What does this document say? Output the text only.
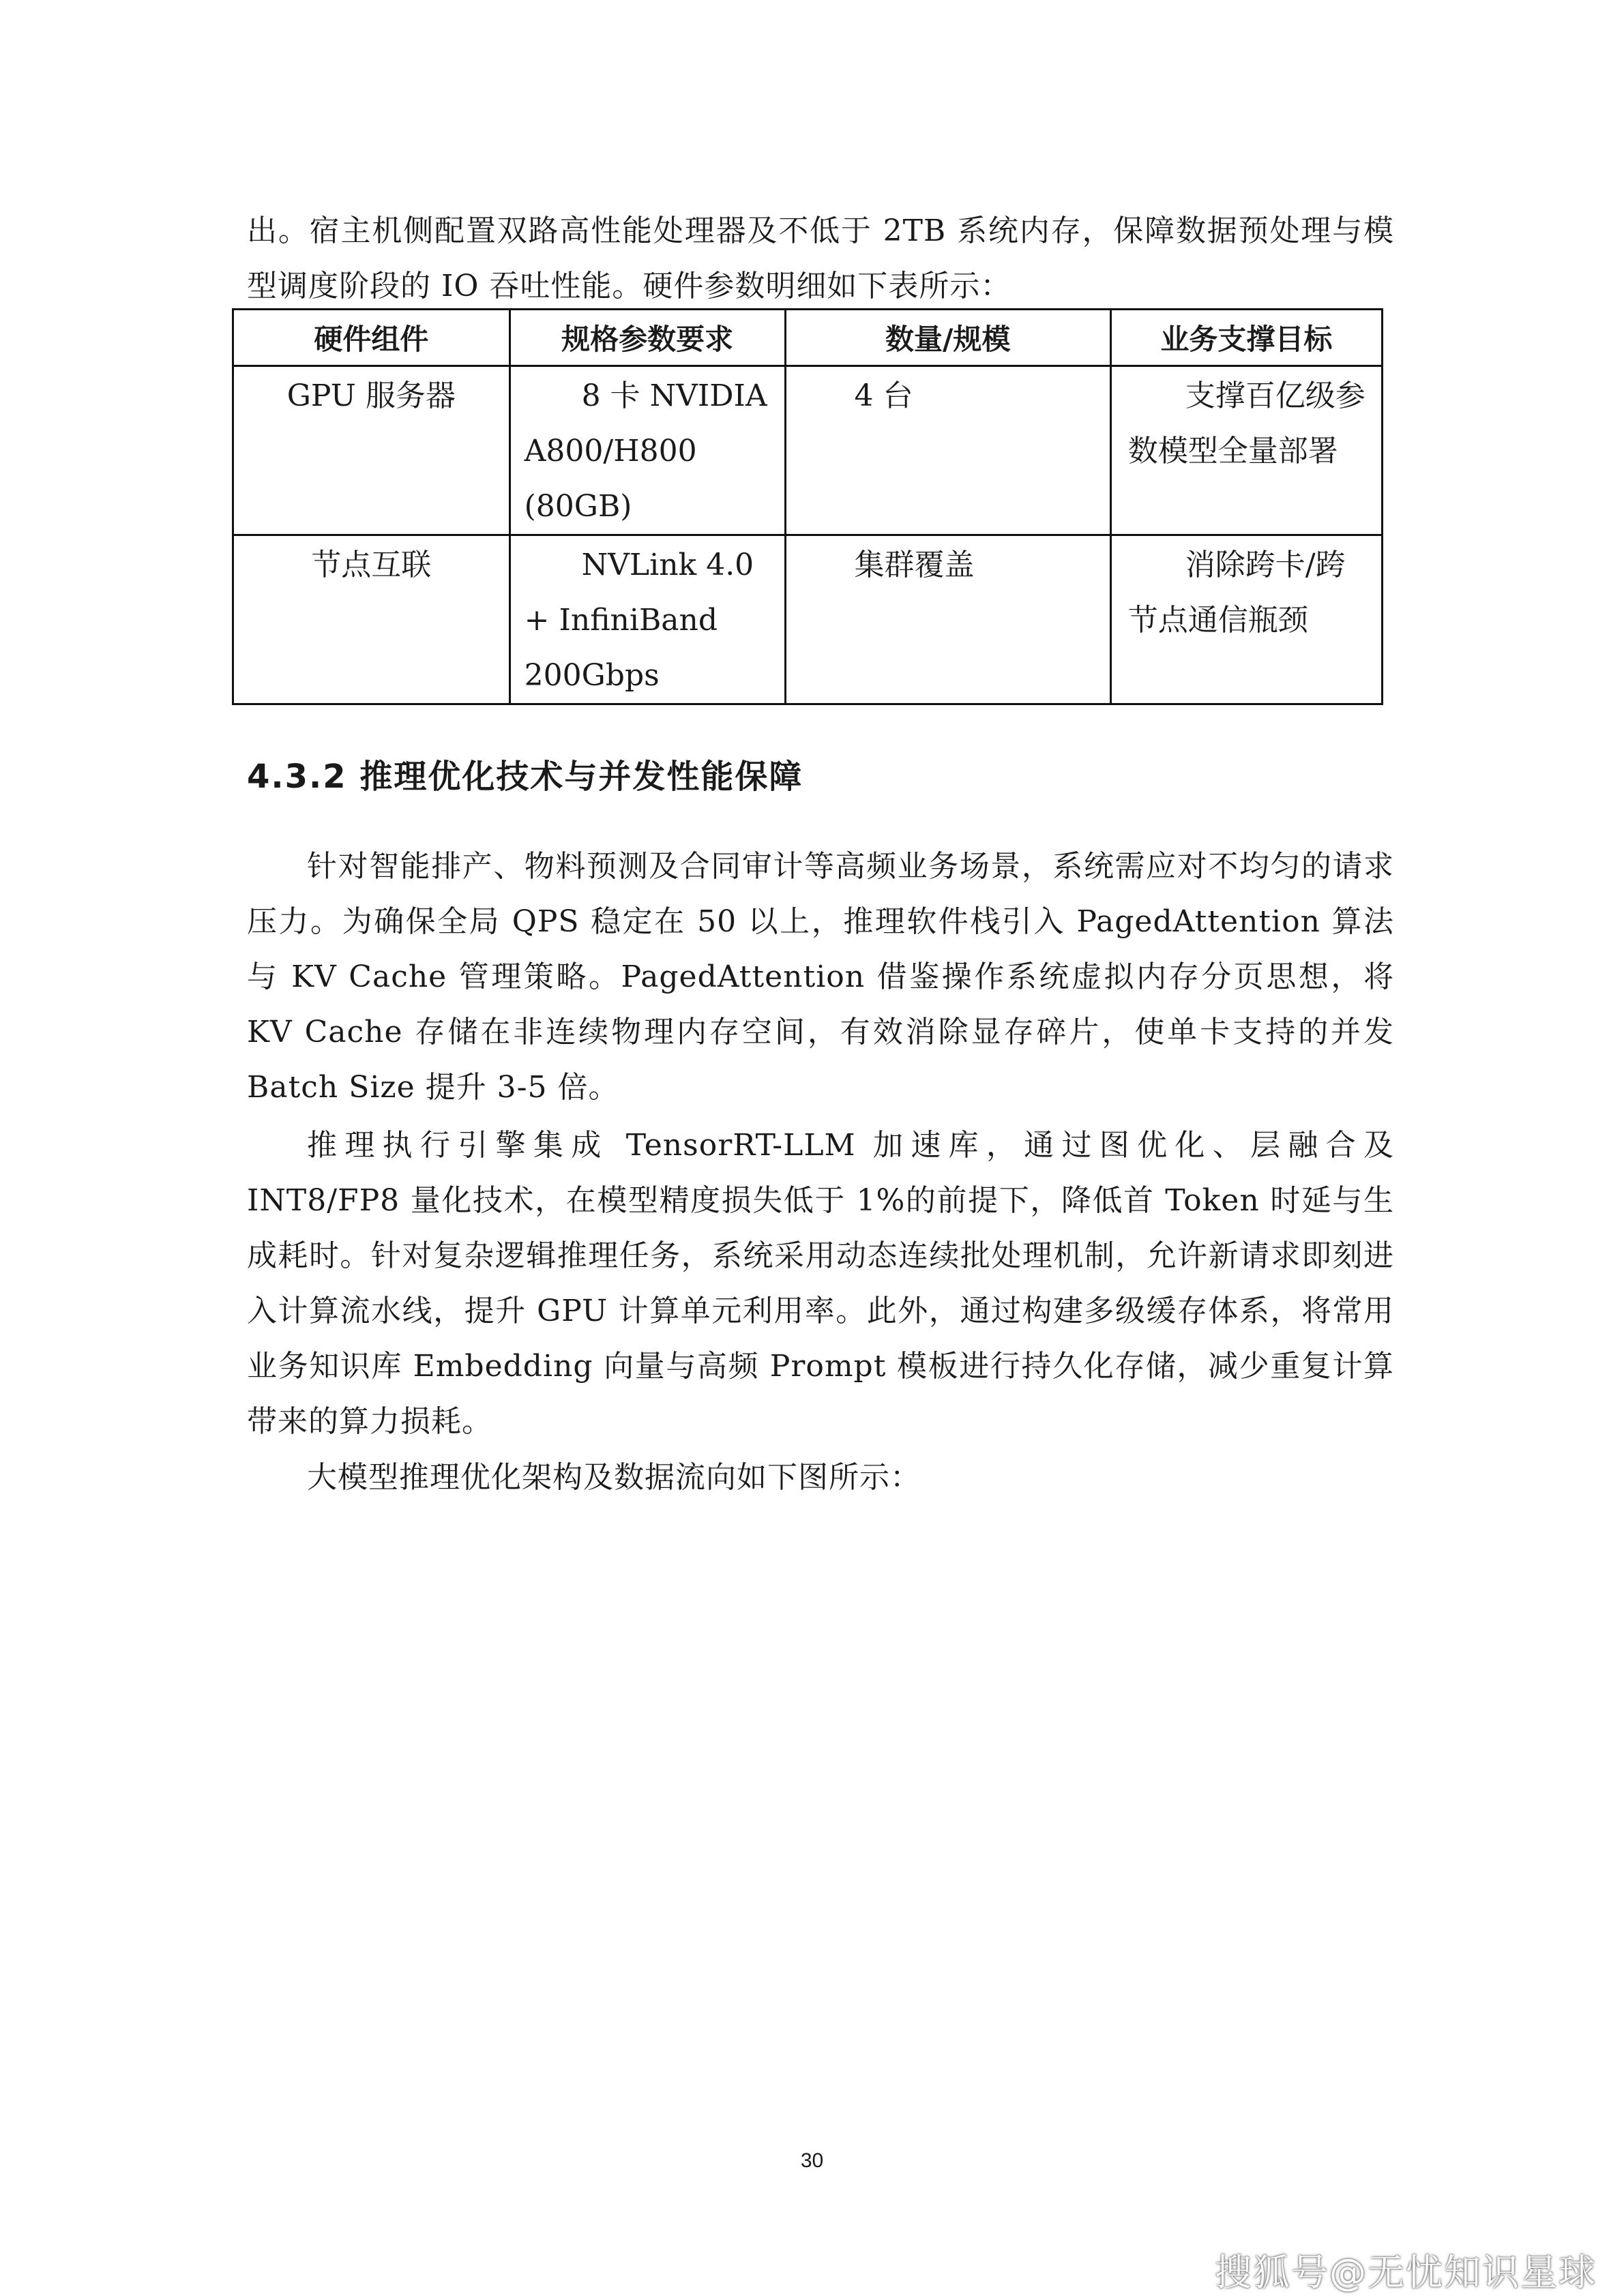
出。宿主机侧配置双路高性能处理器及不低于 2TB 系统内存，保障数据预处理与模型调度阶段的 IO 吞吐性能。硬件参数明细如下表所示：

硬件组件	规格参数要求	数量/规模	业务支撑目标

GPU 服务器	8 卡 NVIDIA A800/H800 (80GB)	4 台	支撑百亿级参数模型全量部署

节点互联	NVLink 4.0 + InfiniBand 200Gbps	集群覆盖	消除跨卡/跨节点通信瓶颈
4.3.2 推理优化技术与并发性能保障

针对智能排产、物料预测及合同审计等高频业务场景，系统需应对不均匀的请求压力。为确保全局 QPS 稳定在 50 以上，推理软件栈引入 PagedAttention 算法与 KV Cache 管理策略。PagedAttention 借鉴操作系统虚拟内存分页思想，将 KV Cache 存储在非连续物理内存空间，有效消除显存碎片，使单卡支持的并发 Batch Size 提升 3-5 倍。

推理执行引擎集成 TensorRT-LLM 加速库，通过图优化、层融合及 INT8/FP8 量化技术，在模型精度损失低于 1%的前提下，降低首 Token 时延与生成耗时。针对复杂逻辑推理任务，系统采用动态连续批处理机制，允许新请求即刻进入计算流水线，提升 GPU 计算单元利用率。此外，通过构建多级缓存体系，将常用业务知识库 Embedding 向量与高频 Prompt 模板进行持久化存储，减少重复计算带来的算力损耗。

大模型推理优化架构及数据流向如下图所示：

30
搜狐号@无忧知识星球
